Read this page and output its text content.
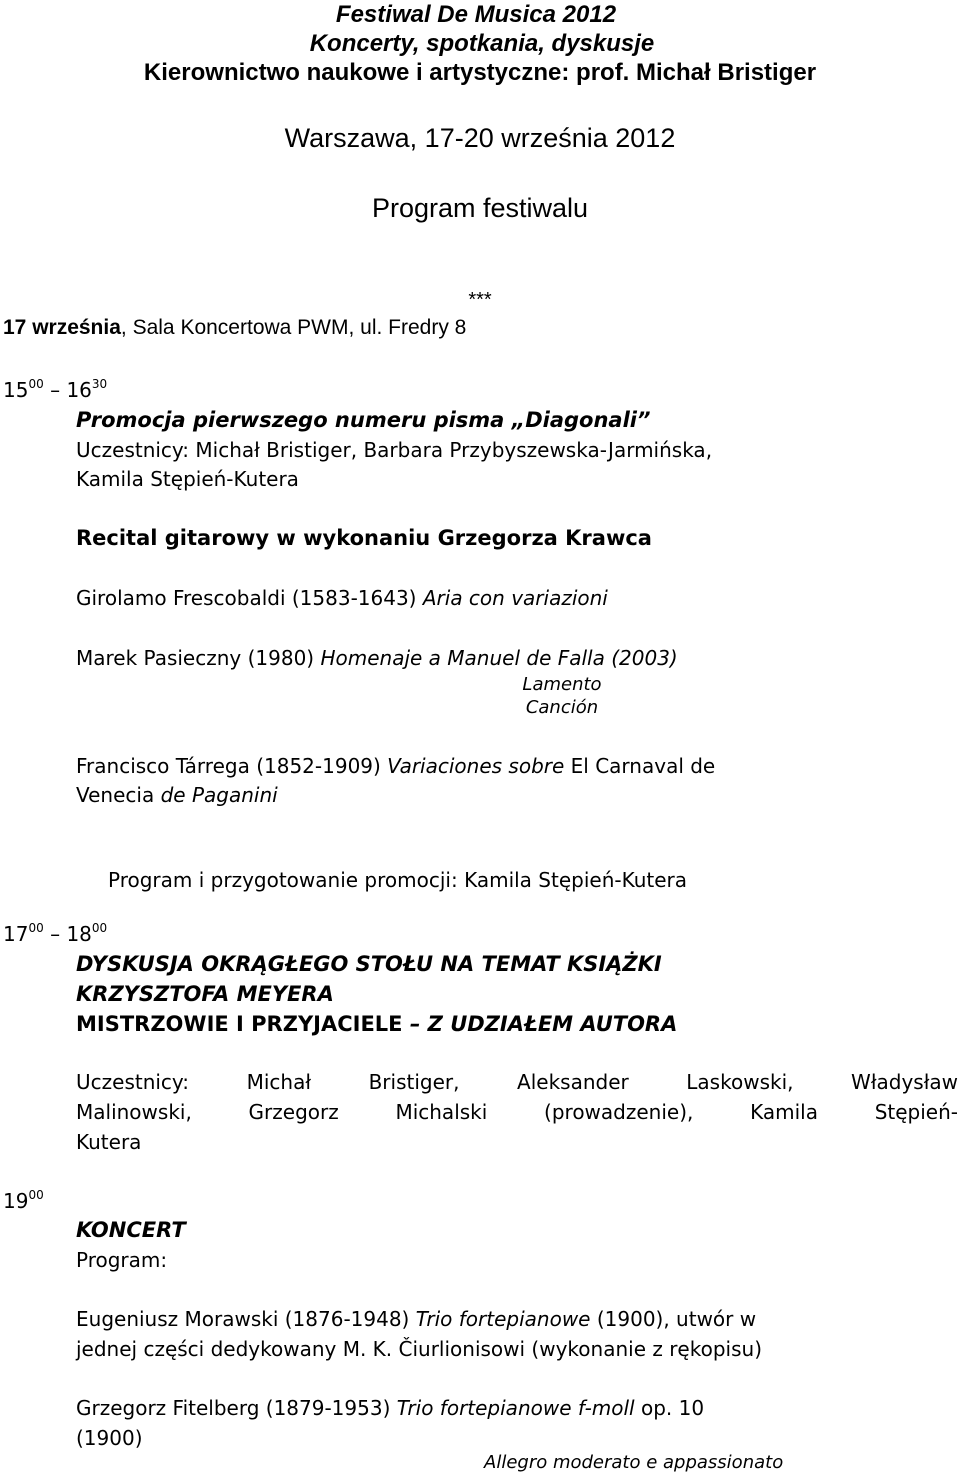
Festiwal De Musica 2012
Koncerty, spotkania, dyskusje
Kierownictwo naukowe i artystyczne: prof. Michał Bristiger
Warszawa, 17-20 września 2012
Program festiwalu
***
17 września, Sala Koncertowa PWM, ul. Fredry 8
$15^{00} - 16^{30}$
Promocja pierwszego numeru pisma „Diagonali”
Uczestnicy: Michał Bristiger, Barbara Przybyszewska-Jarmińska,
Kamila Stępień-Kutera
Recital gitarowy w wykonaniu Grzegorza Krawca
Girolamo Frescobaldi (1583-1643) Aria con variazioni
Marek Pasieczny (1980) Homenaje a Manuel de Falla (2003)
Lamento
Canción
Francisco Tárrega (1852-1909) Variaciones sobre El Carnaval de
Venecia de Paganini
Program i przygotowanie promocji: Kamila Stępień-Kutera
$17^{00} - 18^{00}$
DYSKUSJA OKRĄGŁEGO STOŁU NA TEMAT KSIĄŻKI
KRZYSZTOFA MEYERA
MISTRZOWIE I PRZYJACIELE – Z UDZIAŁEM AUTORA
Uczestnicy: Michał Bristiger, Aleksander Laskowski, Władysław
Malinowski, Grzegorz Michalski (prowadzenie), Kamila Stępień-
Kutera
$19^{00}$
KONCERT
Program:
Eugeniusz Morawski (1876-1948) Trio fortepianowe (1900), utwór w
jednej części dedykowany M. K. Čiurlionisowi (wykonanie z rękopisu)
Grzegorz Fitelberg (1879-1953) Trio fortepianowe f-moll op. 10
(1900)
Allegro moderato e appassionato
